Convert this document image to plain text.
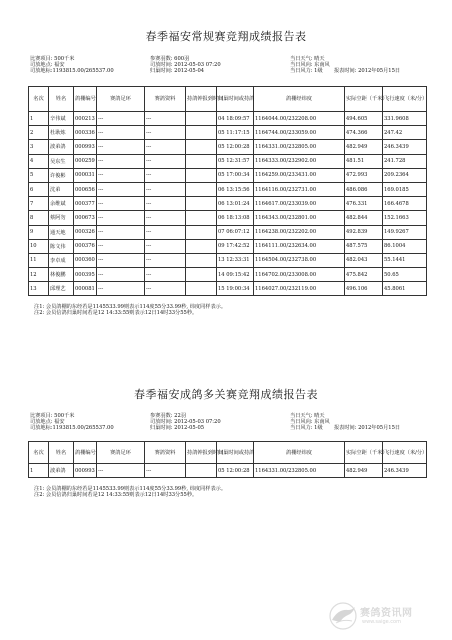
春季福安常规赛竞翔成绩报告表
比赛项目: 500千米	参赛羽数: 600羽	当日天气: 晴天
司放地点: 福安	司放时间: 2012-05-03 07:20	当日风向: 东南风
司放地标:1193815.00/265537.00	归巢时间: 2012-05-04	当日风力: 1级 报表时间: 2012年05月15日
名次	姓名	鸽棚编号	赛鸽足环	赛鸽资料	持鸽钟报到时间	归巢时间或持鸽	鸽棚经纬度	实际空距（千米）	飞行速度（米/分）
1	辛伟斌	000213	---	---		04 18:09:57	1164044.00/232208.00	494.605	331.9608
2	杜耿炼	000336	---	---		05 11:17:15	1164744.00/233059.00	474.366	247.42
3	波弟鸽	000993	---	---		05 12:00:28	1164331.00/232805.00	482.949	246.3439
4	吴东生	000259	---	---		05 12:31:57	1164333.00/232902.00	481.51	241.728
5	许俊彬	000031	---	---		05 17:00:34	1164259.00/233431.00	472.993	209.2364
6	沈弟	000656	---	---		06 13:15:56	1164116.00/232731.00	486.086	169.0185
7	余维斌	000377	---	---		06 13:01:24	1164617.00/233039.00	476.331	166.4678
8	蔡阿勿	000673	---	---		06 18:13:08	1164343.00/232801.00	482.844	152.1663
9	通天地	000326	---	---		07 06:07:12	1164238.00/232202.00	492.839	149.9267
10	陈文伟	000376	---	---		09 17:42:52	1164111.00/232634.00	487.575	86.1004
11	李卓成	000360	---	---		13 12:33:31	1164504.00/232738.00	482.043	55.1441
12	林俊鹏	000395	---	---		14 09:15:42	1164702.00/233008.00	475.842	50.65
13	邱理艺	000081	---	---		15 19:00:34	1164027.00/232119.00	496.106	45.8061
注1: 会员鸽棚的东经若是1145533.99则表示114度55分33.99秒, 纬度同样表示。
注2: 会员信鸽归巢时间若是12 14:33:55则表示12日14时33分55秒。
春季福安成鸽多关赛竞翔成绩报告表
比赛项目: 500千米	参赛羽数: 22羽	当日天气: 晴天
司放地点: 福安	司放时间: 2012-05-03 07:20	当日风向: 东南风
司放地标:1193815.00/265537.00	归巢时间: 2012-05-05	当日风力: 1级 报表时间: 2012年05月15日
名次	姓名	鸽棚编号	赛鸽足环	赛鸽资料	持鸽钟报到时间	归巢时间或持鸽	鸽棚经纬度	实际空距（千米）	飞行速度（米/分）
1	波弟鸽	000993	---	---		05 12:00:28	1164331.00/232805.00	482.949	246.3439
注1: 会员鸽棚的东经若是1145533.99则表示114度55分33.99秒, 纬度同样表示。
注2: 会员信鸽归巢时间若是12 14:33:55则表示12日14时33分55秒。
赛鸽资讯网
www.saige.com
